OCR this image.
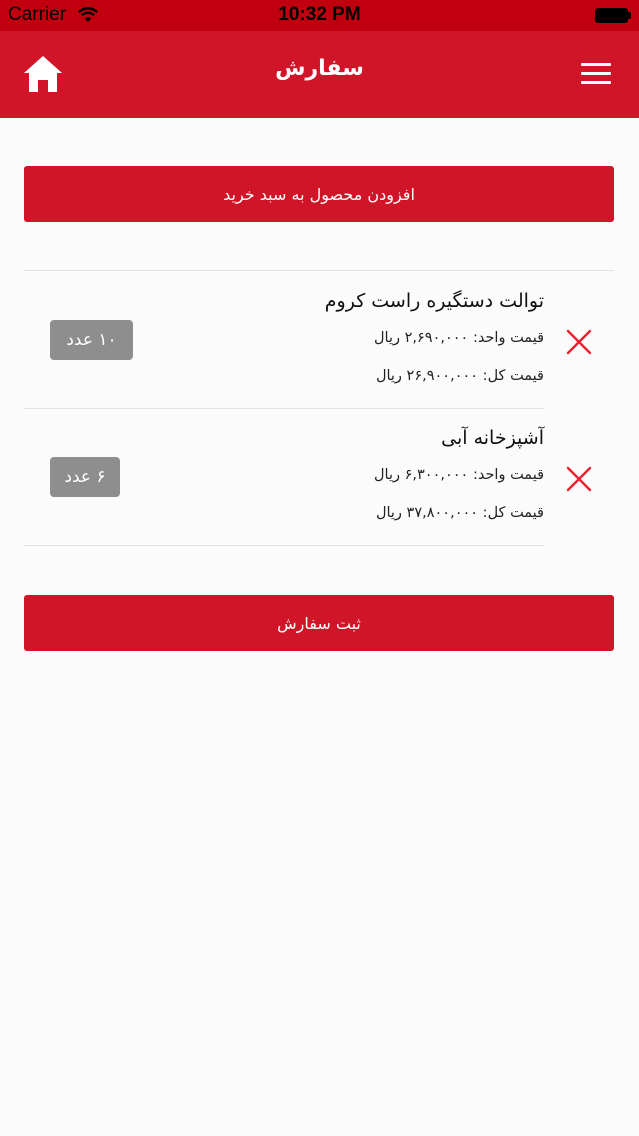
Carrier	10:32 PM
سفارش
افزودن محصول به سبد خرید
توالت دستگیره راست کروم
قیمت واحد: ۲,۶۹۰,۰۰۰ ریال
قیمت کل: ۲۶,۹۰۰,۰۰۰ ریال
۱۰ عدد
آشپزخانه آبی
قیمت واحد: ۶,۳۰۰,۰۰۰ ریال
قیمت کل: ۳۷,۸۰۰,۰۰۰ ریال
۶ عدد
ثبت سفارش
